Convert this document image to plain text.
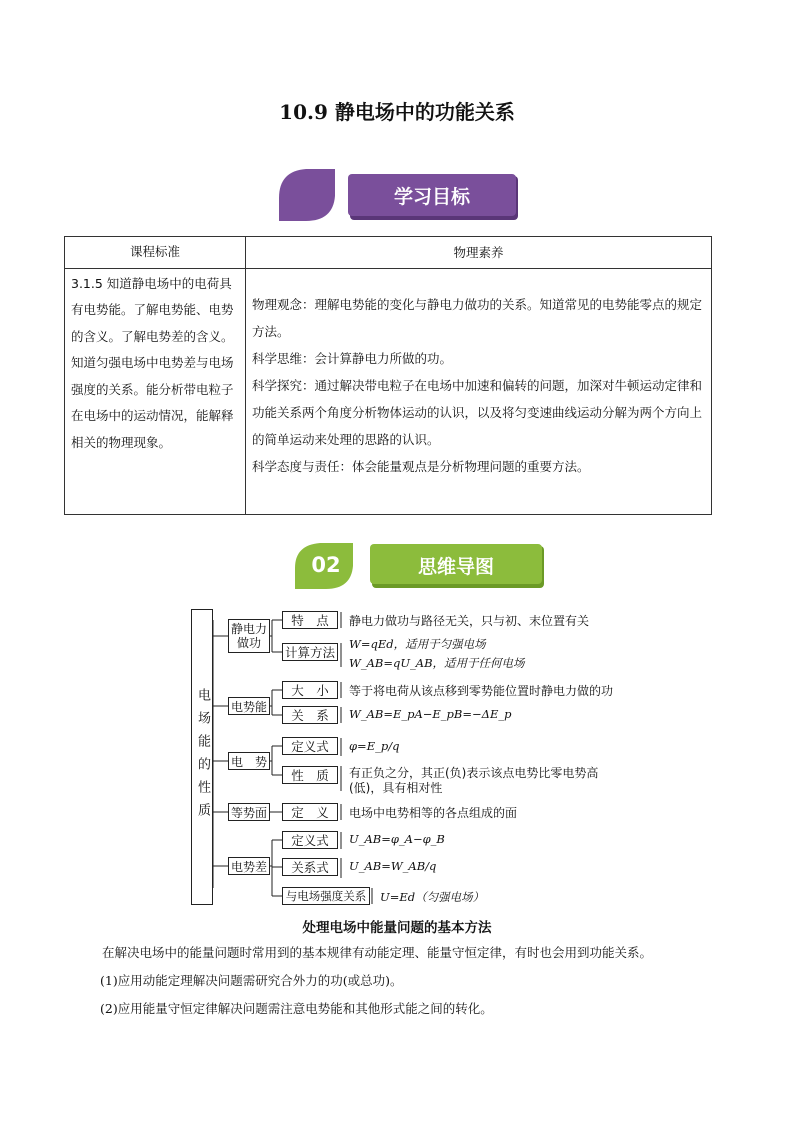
10.9 静电场中的功能关系
学习目标
课程标准	物理素养
3.1.5 知道静电场中的电荷具有电势能。了解电势能、电势的含义。了解电势差的含义。知道匀强电场中电势差与电场强度的关系。能分析带电粒子在电场中的运动情况，能解释相关的物理现象。	物理观念：理解电势能的变化与静电力做功的关系。知道常见的电势能零点的规定方法。

科学思维：会计算静电力所做的功。

科学探究：通过解决带电粒子在电场中加速和偏转的问题，加深对牛顿运动定律和功能关系两个角度分析物体运动的认识，以及将匀变速曲线运动分解为两个方向上的简单运动来处理的思路的认识。

科学态度与责任：体会能量观点是分析物理问题的重要方法。

02	思维导图
电场能的性质
静电力做功
电势能
电　势
等势面
电势差
特　点
计算方法
大　小
关　系
定义式
性　质
定　义
定义式
关系式
与电场强度关系
静电力做功与路径无关，只与初、末位置有关
W=qEd，适用于匀强电场
W_AB=qU_AB，适用于任何电场
等于将电荷从该点移到零势能位置时静电力做的功
W_AB=E_pA−E_pB=−ΔE_p
φ=E_p/q
有正负之分，其正(负)表示该点电势比零电势高
(低)，具有相对性
电场中电势相等的各点组成的面
U_AB=φ_A−φ_B
U_AB=W_AB/q
U=Ed（匀强电场）
处理电场中能量问题的基本方法
在解决电场中的能量问题时常用到的基本规律有动能定理、能量守恒定律，有时也会用到功能关系。
(1)应用动能定理解决问题需研究合外力的功(或总功)。
(2)应用能量守恒定律解决问题需注意电势能和其他形式能之间的转化。
